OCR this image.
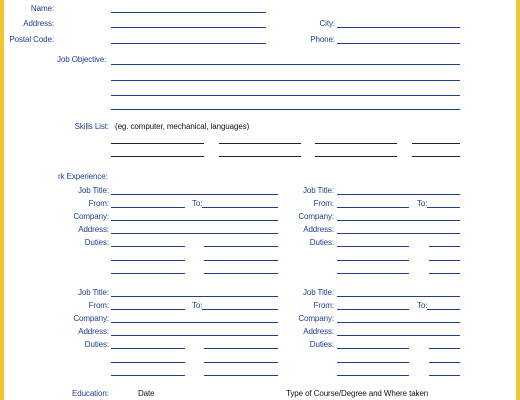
Name:
Address:
Postal Code:
City:
Phone:
Job Objective:
Skills List: (eg. computer, mechanical, languages)
rk Experience:
Job Title:
From:	To:
Company:
Address:
Duties:
Job Title:
From:	To:
Company:
Address:
Duties:
Job Title:
From:	To:
Company:
Address:
Duties:
Job Title:
From:	To:
Company:
Address:
Duties:
Education:	Date	Type of Course/Degree and Where taken
